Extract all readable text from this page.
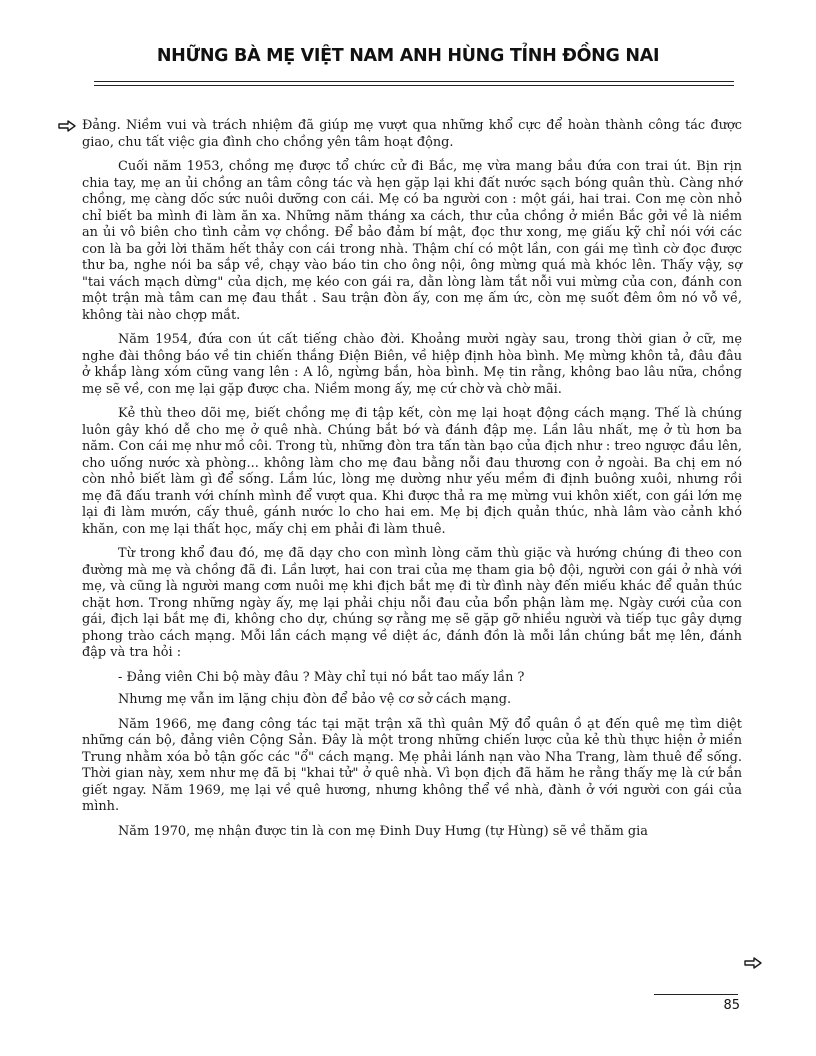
NHỮNG BÀ MẸ VIỆT NAM ANH HÙNG TỈNH ĐỒNG NAI

Đảng. Niềm vui và trách nhiệm đã giúp mẹ vượt qua những khổ cực để hoàn thành công tác được giao, chu tất việc gia đình cho chồng yên tâm hoạt động.

Cuối năm 1953, chồng mẹ được tổ chức cử đi Bắc, mẹ vừa mang bầu đứa con trai út. Bịn rịn chia tay, mẹ an ủi chồng an tâm công tác và hẹn gặp lại khi đất nước sạch bóng quân thù. Càng nhớ chồng, mẹ càng dốc sức nuôi dưỡng con cái. Mẹ có ba người con : một gái, hai trai. Con mẹ còn nhỏ chỉ biết ba mình đi làm ăn xa. Những năm tháng xa cách, thư của chồng ở miền Bắc gởi về là niềm an ủi vô biên cho tình cảm vợ chồng. Để bảo đảm bí mật, đọc thư xong, mẹ giấu kỹ chỉ nói với các con là ba gởi lời thăm hết thảy con cái trong nhà. Thậm chí có một lần, con gái mẹ tình cờ đọc được thư ba, nghe nói ba sắp về, chạy vào báo tin cho ông nội, ông mừng quá mà khóc lên. Thấy vậy, sợ "tai vách mạch dừng" của dịch, mẹ kéo con gái ra, dằn lòng làm tắt nỗi vui mừng của con, đánh con một trận mà tâm can mẹ đau thắt . Sau trận đòn ấy, con mẹ ấm ức, còn mẹ suốt đêm ôm nó vỗ về, không tài nào chợp mắt.

Năm 1954, đứa con út cất tiếng chào đời. Khoảng mười ngày sau, trong thời gian ở cữ, mẹ nghe đài thông báo về tin chiến thắng Điện Biên, về hiệp định hòa bình. Mẹ mừng khôn tả, đâu đâu ở khắp làng xóm cũng vang lên : A lô, ngừng bắn, hòa bình. Mẹ tin rằng, không bao lâu nữa, chồng mẹ sẽ về, con mẹ lại gặp được cha. Niềm mong ấy, mẹ cứ chờ và chờ mãi.

Kẻ thù theo dõi mẹ, biết chồng mẹ đi tập kết, còn mẹ lại hoạt động cách mạng. Thế là chúng luôn gây khó dễ cho mẹ ở quê nhà. Chúng bắt bớ và đánh đập mẹ. Lần lâu nhất, mẹ ở tù hơn ba năm. Con cái mẹ như mồ côi. Trong tù, những đòn tra tấn tàn bạo của địch như : treo ngược đầu lên, cho uống nước xà phòng... không làm cho mẹ đau bằng nỗi đau thương con ở ngoài. Ba chị em nó còn nhỏ biết làm gì để sống. Lắm lúc, lòng mẹ dường như yếu mềm đi định buông xuôi, nhưng rồi mẹ đã đấu tranh với chính mình để vượt qua. Khi được thả ra mẹ mừng vui khôn xiết, con gái lớn mẹ lại đi làm mướn, cấy thuê, gánh nước lo cho hai em. Mẹ bị địch quản thúc, nhà lâm vào cảnh khó khăn, con mẹ lại thất học, mấy chị em phải đi làm thuê.

Từ trong khổ đau đó, mẹ đã dạy cho con mình lòng căm thù giặc và hướng chúng đi theo con đường mà mẹ và chồng đã đi. Lần lượt, hai con trai của mẹ tham gia bộ đội, người con gái ở nhà với mẹ, và cũng là người mang cơm nuôi mẹ khi địch bắt mẹ đi từ đình này đến miếu khác để quản thúc chặt hơn. Trong những ngày ấy, mẹ lại phải chịu nỗi đau của bổn phận làm mẹ. Ngày cưới của con gái, địch lại bắt mẹ đi, không cho dự, chúng sợ rằng mẹ sẽ gặp gỡ nhiều người và tiếp tục gây dựng phong trào cách mạng. Mỗi lần cách mạng về diệt ác, đánh đồn là mỗi lần chúng bắt mẹ lên, đánh đập và tra hỏi :

- Đảng viên Chi bộ mày đâu ? Mày chỉ tụi nó bắt tao mấy lần ?

Nhưng mẹ vẫn im lặng chịu đòn để bảo vệ cơ sở cách mạng.

Năm 1966, mẹ đang công tác tại mặt trận xã thì quân Mỹ đổ quân ồ ạt đến quê mẹ tìm diệt những cán bộ, đảng viên Cộng Sản. Đây là một trong những chiến lược của kẻ thù thực hiện ở miền Trung nhằm xóa bỏ tận gốc các "ổ" cách mạng. Mẹ phải lánh nạn vào Nha Trang, làm thuê để sống. Thời gian này, xem như mẹ đã bị "khai tử" ở quê nhà. Vì bọn địch đã hăm he rằng thấy mẹ là cứ bắn giết ngay. Năm 1969, mẹ lại về quê hương, nhưng không thể về nhà, đành ở với người con gái của mình.

Năm 1970, mẹ nhận được tin là con mẹ Đinh Duy Hưng (tự Hùng) sẽ về thăm gia

85
